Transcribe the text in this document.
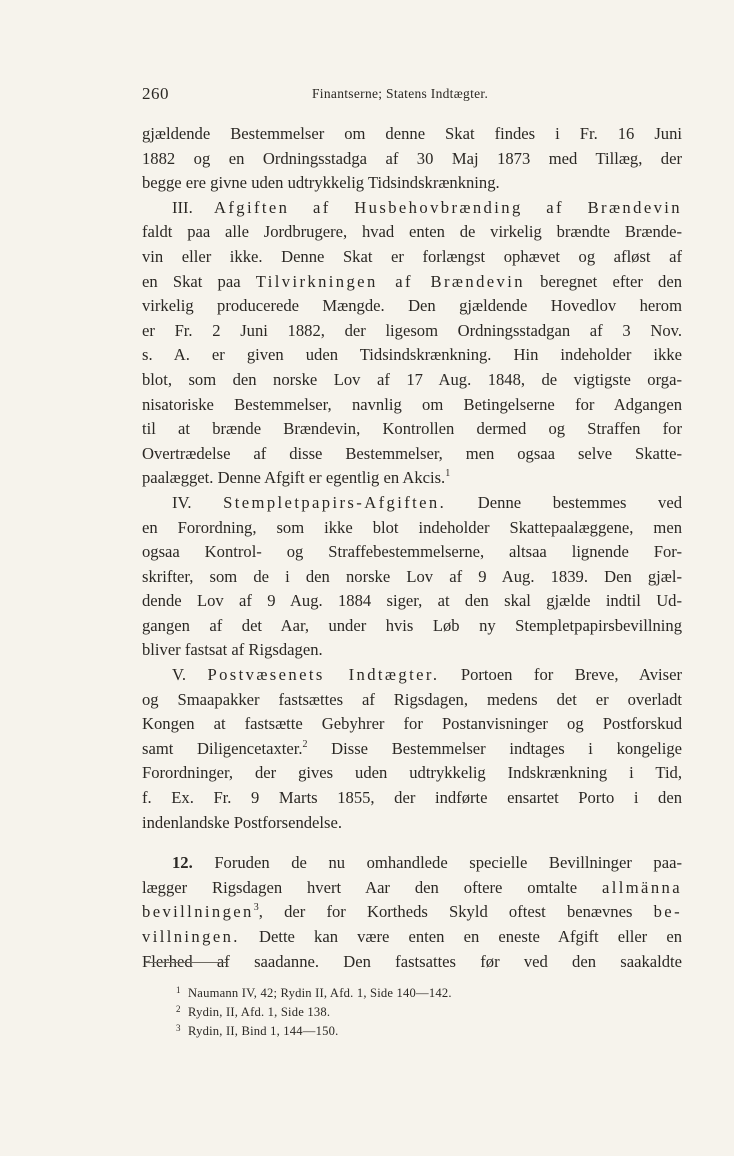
260	Finantserne; Statens Indtægter.
gjældende Bestemmelser om denne Skat findes i Fr. 16 Juni
1882 og en Ordningsstadga af 30 Maj 1873 med Tillæg, der
begge ere givne uden udtrykkelig Tidsindskrænkning.
III. Afgiften af Husbehovbrænding af Brændevin
faldt paa alle Jordbrugere, hvad enten de virkelig brændte Brænde-
vin eller ikke. Denne Skat er forlængst ophævet og afløst af
en Skat paa Tilvirkningen af Brændevin beregnet efter den
virkelig producerede Mængde. Den gjældende Hovedlov herom
er Fr. 2 Juni 1882, der ligesom Ordningsstadgan af 3 Nov.
s. A. er given uden Tidsindskrænkning. Hin indeholder ikke
blot, som den norske Lov af 17 Aug. 1848, de vigtigste orga-
nisatoriske Bestemmelser, navnlig om Betingelserne for Adgangen
til at brænde Brændevin, Kontrollen dermed og Straffen for
Overtrædelse af disse Bestemmelser, men ogsaa selve Skatte-
paalægget. Denne Afgift er egentlig en Akcis.$^1$
IV. Stempletpapirs-Afgiften. Denne bestemmes ved
en Forordning, som ikke blot indeholder Skattepaalæggene, men
ogsaa Kontrol- og Straffebestemmelserne, altsaa lignende For-
skrifter, som de i den norske Lov af 9 Aug. 1839. Den gjæl-
dende Lov af 9 Aug. 1884 siger, at den skal gjælde indtil Ud-
gangen af det Aar, under hvis Løb ny Stempletpapirsbevillning
bliver fastsat af Rigsdagen.
V. Postvæsenets Indtægter. Portoen for Breve, Aviser
og Smaapakker fastsættes af Rigsdagen, medens det er overladt
Kongen at fastsætte Gebyhrer for Postanvisninger og Postforskud
samt Diligencetaxter.$^2$ Disse Bestemmelser indtages i kongelige
Forordninger, der gives uden udtrykkelig Indskrænkning i Tid,
f. Ex. Fr. 9 Marts 1855, der indførte ensartet Porto i den
indenlandske Postforsendelse.
12. Foruden de nu omhandlede specielle Bevillninger paa-
lægger Rigsdagen hvert Aar den oftere omtalte allmänna
bevillningen$^3$, der for Kortheds Skyld oftest benævnes be-
villningen. Dette kan være enten en eneste Afgift eller en
Flerhed af saadanne. Den fastsattes før ved den saakaldte
1 Naumann IV, 42; Rydin II, Afd. 1, Side 140—142.
2 Rydin, II, Afd. 1, Side 138.
3 Rydin, II, Bind 1, 144—150.
